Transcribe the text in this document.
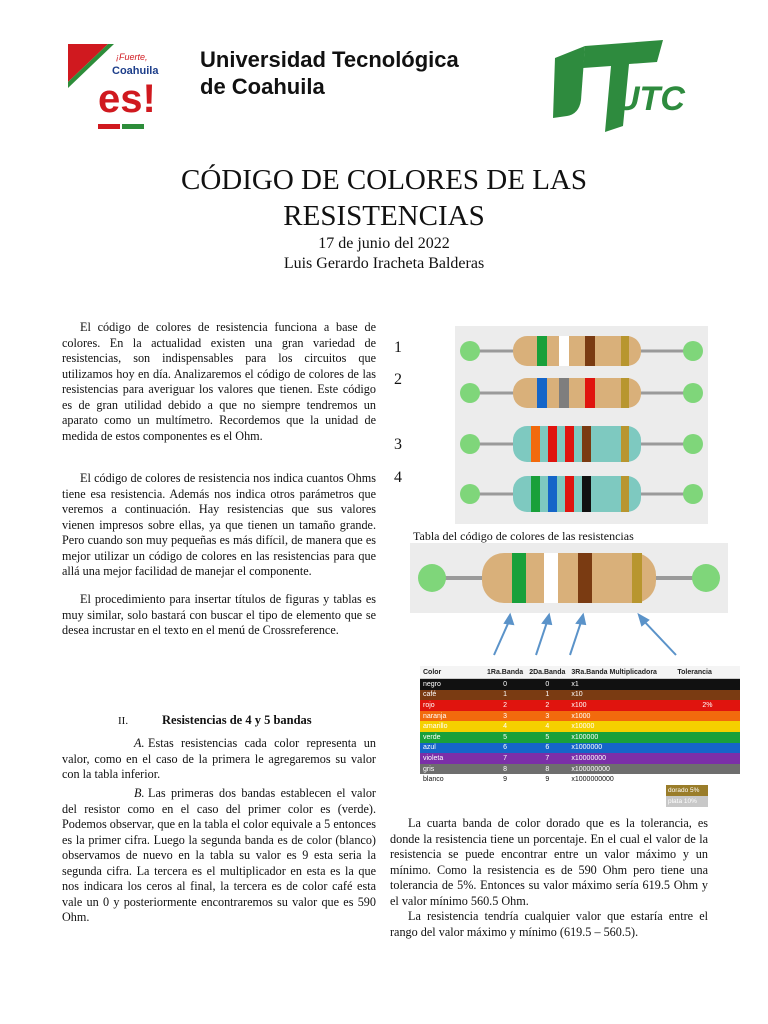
¡Fuerte,
Coahuila
es!
Universidad Tecnológica
de Coahuila	UTC
CÓDIGO DE COLORES DE LAS
RESISTENCIAS
17 de junio del 2022
Luis Gerardo Iracheta Balderas

El código de colores de resistencia funciona a base de colores. En la actualidad existen una gran variedad de resistencias, son indispensables para los circuitos que utilizamos hoy en día. Analizaremos el código de colores de las resistencias para averiguar los valores que tienen. Este código es de gran utilidad debido a que no siempre tendremos un aparato como un multímetro. Recordemos que la unidad de medida de estos componentes es el Ohm.

El código de colores de resistencia nos indica cuantos Ohms tiene esa resistencia. Además nos indica otros parámetros que veremos a continuación. Hay resistencias que sus valores vienen impresos sobre ellas, ya que tienen un tamaño grande. Pero cuando son muy pequeñas es más difícil, de manera que es mejor utilizar un código de colores en las resistencias para que allá una mejor facilidad de manejar el componente.

El procedimiento para insertar títulos de figuras y tablas es muy similar, solo bastará con buscar el tipo de elemento que se desea incrustar en el texto en el menú de Crossreference.

II.	Resistencias de 4 y 5 bandas

A. Estas resistencias cada color representa un valor, como en el caso de la primera le agregaremos su valor con la tabla inferior.

B. Las primeras dos bandas establecen el valor del resistor como en el caso del primer color es (verde). Podemos observar, que en la tabla el color equivale a 5 entonces es la primer cifra. Luego la segunda banda es de color (blanco) observamos de nuevo en la tabla su valor es 9 esta seria la segunda cifra. La tercera es el multiplicador en esta es la que nos indicara los ceros al final, la tercera es de color café esta vale un 0 y posteriormente encontraremos su valor que es 590 Ohm.

1
2
3
4
Tabla del código de colores de las resistencias
Color	1Ra.Banda	2Da.Banda	3Ra.Banda Multiplicadora	Tolerancia
negro	0	0	x1	
café	1	1	x10	
rojo	2	2	x100	2%
naranja	3	3	x1000	
amarillo	4	4	x10000	
verde	5	5	x100000	
azul	6	6	x1000000	
violeta	7	7	x10000000	
gris	8	8	x100000000	
blanco	9	9	x1000000000	
dorado 5%
plata 10%

La cuarta banda de color dorado que es la tolerancia, es donde la resistencia tiene un porcentaje. En el cual el valor de la resistencia se puede encontrar entre un valor máximo y un mínimo. Como la resistencia es de 590 Ohm pero tiene una tolerancia de 5%. Entonces su valor máximo sería 619.5 Ohm y el valor mínimo 560.5 Ohm.

La resistencia tendría cualquier valor que estaría entre el rango del valor máximo y mínimo (619.5 – 560.5).
